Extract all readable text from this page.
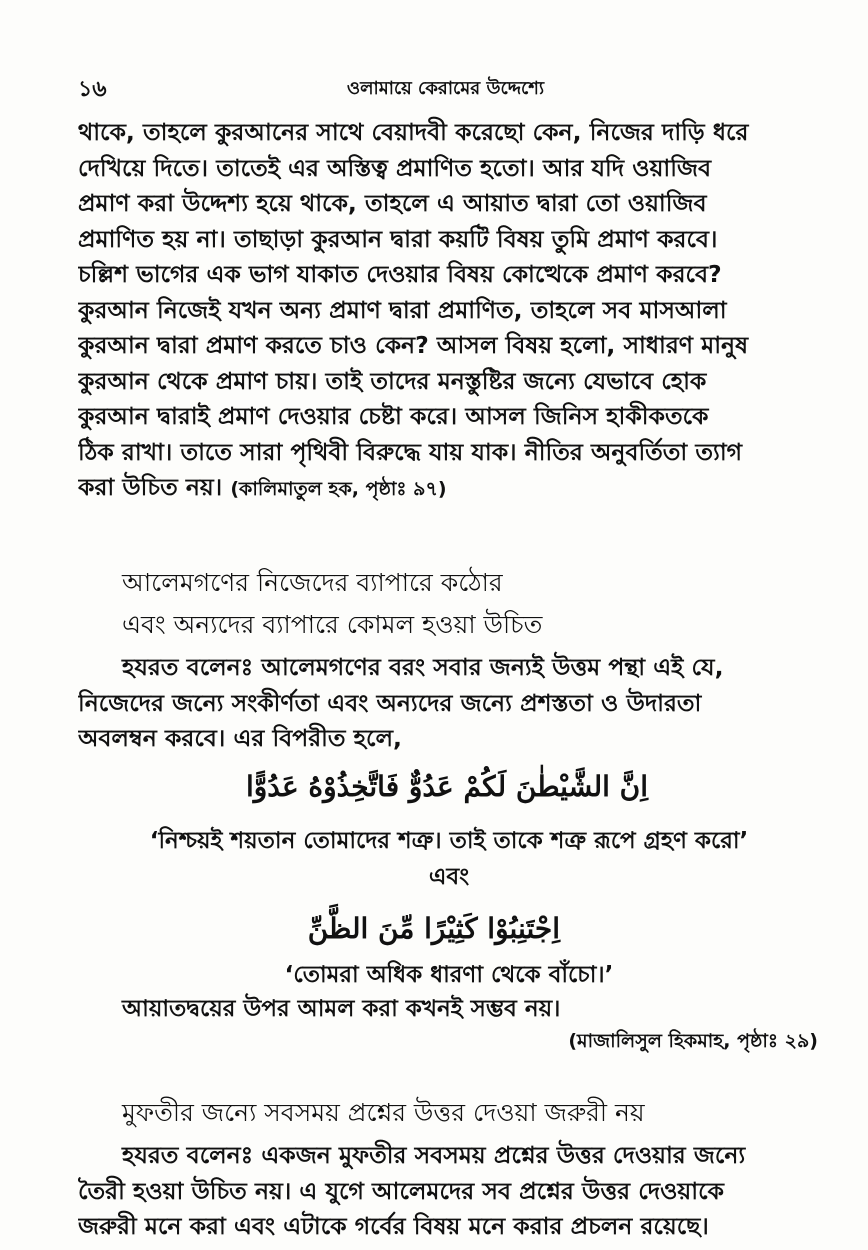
১৬	ওলামায়ে কেরামের উদ্দেশ্যে
থাকে, তাহলে কুরআনের সাথে বেয়াদবী করেছো কেন, নিজের দাড়ি ধরে
দেখিয়ে দিতে। তাতেই এর অস্তিত্ব প্রমাণিত হতো। আর যদি ওয়াজিব
প্রমাণ করা উদ্দেশ্য হয়ে থাকে, তাহলে এ আয়াত দ্বারা তো ওয়াজিব
প্রমাণিত হয় না। তাছাড়া কুরআন দ্বারা কয়টি বিষয় তুমি প্রমাণ করবে।
চল্লিশ ভাগের এক ভাগ যাকাত দেওয়ার বিষয় কোত্থেকে প্রমাণ করবে?
কুরআন নিজেই যখন অন্য প্রমাণ দ্বারা প্রমাণিত, তাহলে সব মাসআলা
কুরআন দ্বারা প্রমাণ করতে চাও কেন? আসল বিষয় হলো, সাধারণ মানুষ
কুরআন থেকে প্রমাণ চায়। তাই তাদের মনস্তুষ্টির জন্যে যেভাবে হোক
কুরআন দ্বারাই প্রমাণ দেওয়ার চেষ্টা করে। আসল জিনিস হাকীকতকে
ঠিক রাখা। তাতে সারা পৃথিবী বিরুদ্ধে যায় যাক। নীতির অনুবর্তিতা ত্যাগ
করা উচিত নয়। (কালিমাতুল হক, পৃষ্ঠাঃ ৯৭)
আলেমগণের নিজেদের ব্যাপারে কঠোর
এবং অন্যদের ব্যাপারে কোমল হওয়া উচিত
হযরত বলেনঃ আলেমগণের বরং সবার জন্যই উত্তম পন্থা এই যে,
নিজেদের জন্যে সংকীর্ণতা এবং অন্যদের জন্যে প্রশস্ততা ও উদারতা
অবলম্বন করবে। এর বিপরীত হলে,
اِنَّ الشَّيْطٰنَ لَكُمْ عَدُوٌّ فَاتَّخِذُوْهُ عَدُوًّا
‘নিশ্চয়ই শয়তান তোমাদের শত্রু। তাই তাকে শত্রু রূপে গ্রহণ করো’
এবং
اِجْتَنِبُوْا كَثِيْرًا مِّنَ الظَّنِّ
‘তোমরা অধিক ধারণা থেকে বাঁচো।’
আয়াতদ্বয়ের উপর আমল করা কখনই সম্ভব নয়।
(মাজালিসুল হিকমাহ, পৃষ্ঠাঃ ২৯)
মুফতীর জন্যে সবসময় প্রশ্নের উত্তর দেওয়া জরুরী নয়
হযরত বলেনঃ একজন মুফতীর সবসময় প্রশ্নের উত্তর দেওয়ার জন্যে
তৈরী হওয়া উচিত নয়। এ যুগে আলেমদের সব প্রশ্নের উত্তর দেওয়াকে
জরুরী মনে করা এবং এটাকে গর্বের বিষয় মনে করার প্রচলন রয়েছে।
